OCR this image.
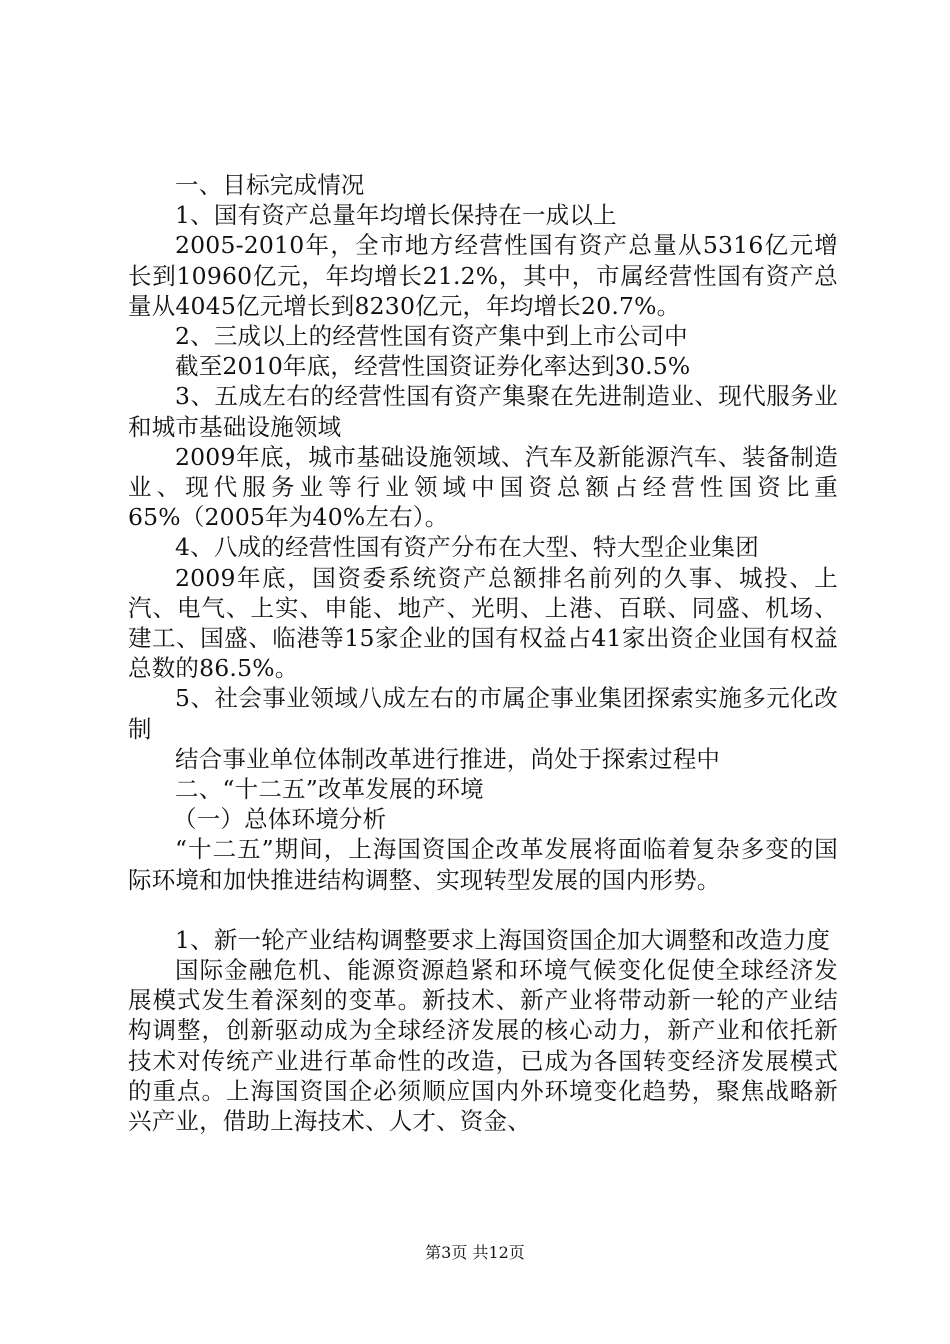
一、目标完成情况

1、国有资产总量年均增长保持在一成以上

2005-2010年，全市地方经营性国有资产总量从5316亿元增长到10960亿元，年均增长21.2%，其中，市属经营性国有资产总量从4045亿元增长到8230亿元，年均增长20.7%。

2、三成以上的经营性国有资产集中到上市公司中

截至2010年底，经营性国资证券化率达到30.5%

3、五成左右的经营性国有资产集聚在先进制造业、现代服务业和城市基础设施领域

2009年底，城市基础设施领域、汽车及新能源汽车、装备制造业、现代服务业等行业领域中国资总额占经营性国资比重65%（2005年为40%左右）。

4、八成的经营性国有资产分布在大型、特大型企业集团

2009年底，国资委系统资产总额排名前列的久事、城投、上汽、电气、上实、申能、地产、光明、上港、百联、同盛、机场、建工、国盛、临港等15家企业的国有权益占41家出资企业国有权益总数的86.5%。

5、社会事业领域八成左右的市属企事业集团探索实施多元化改制

结合事业单位体制改革进行推进，尚处于探索过程中

二、“十二五”改革发展的环境

（一）总体环境分析

“十二五”期间，上海国资国企改革发展将面临着复杂多变的国际环境和加快推进结构调整、实现转型发展的国内形势。

1、新一轮产业结构调整要求上海国资国企加大调整和改造力度

国际金融危机、能源资源趋紧和环境气候变化促使全球经济发展模式发生着深刻的变革。新技术、新产业将带动新一轮的产业结构调整，创新驱动成为全球经济发展的核心动力，新产业和依托新技术对传统产业进行革命性的改造，已成为各国转变经济发展模式的重点。上海国资国企必须顺应国内外环境变化趋势，聚焦战略新兴产业，借助上海技术、人才、资金、

第3页 共12页
